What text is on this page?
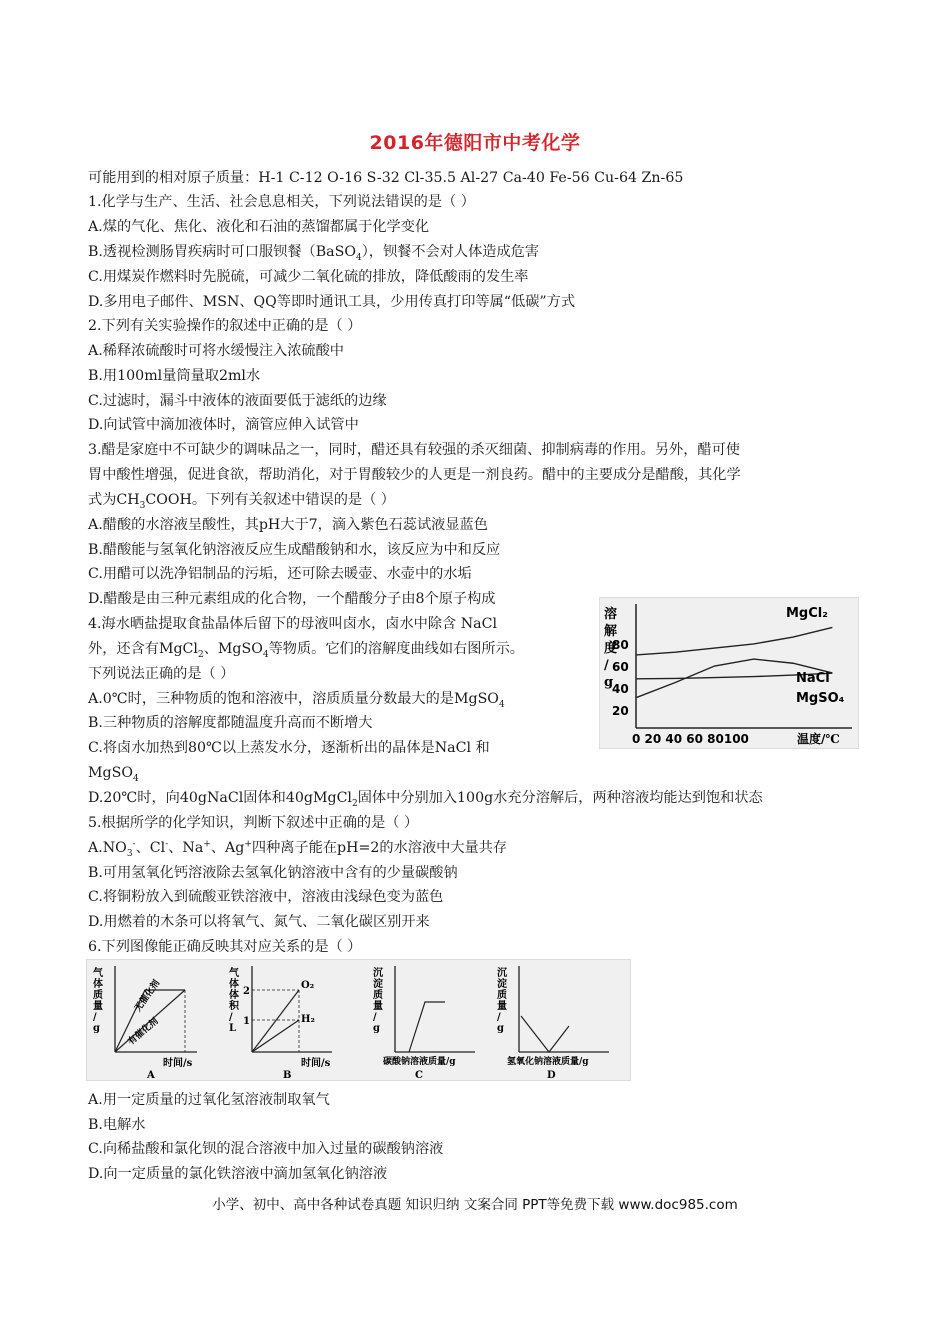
2016年德阳市中考化学
可能用到的相对原子质量：H-1 C-12 O-16 S-32 Cl-35.5 Al-27 Ca-40 Fe-56 Cu-64 Zn-65
1.化学与生产、生活、社会息息相关，下列说法错误的是（ ）
A.煤的气化、焦化、液化和石油的蒸馏都属于化学变化
B.透视检测肠胃疾病时可口服钡餐（BaSO$_4$），钡餐不会对人体造成危害
C.用煤炭作燃料时先脱硫，可减少二氧化硫的排放，降低酸雨的发生率
D.多用电子邮件、MSN、QQ等即时通讯工具，少用传真打印等属“低碳”方式
2.下列有关实验操作的叙述中正确的是（ ）
A.稀释浓硫酸时可将水缓慢注入浓硫酸中
B.用100ml量筒量取2ml水
C.过滤时，漏斗中液体的液面要低于滤纸的边缘
D.向试管中滴加液体时，滴管应伸入试管中
3.醋是家庭中不可缺少的调味品之一，同时，醋还具有较强的杀灭细菌、抑制病毒的作用。另外，醋可使
胃中酸性增强，促进食欲，帮助消化，对于胃酸较少的人更是一剂良药。醋中的主要成分是醋酸，其化学
式为$CH_3COOH$。下列有关叙述中错误的是（ ）
A.醋酸的水溶液呈酸性，其pH大于7，滴入紫色石蕊试液显蓝色
B.醋酸能与氢氧化钠溶液反应生成醋酸钠和水，该反应为中和反应
C.用醋可以洗净铝制品的污垢，还可除去暖壶、水壶中的水垢
D.醋酸是由三种元素组成的化合物，一个醋酸分子由8个原子构成
溶解度/ g
80
60
40
20
0 20 40 60 80100	温度/℃
MgCl₂
NaCl
MgSO₄
4.海水晒盐提取食盐晶体后留下的母液叫卤水，卤水中除含 NaCl
外，还含有MgCl$_2$、MgSO$_4$等物质。它们的溶解度曲线如右图所示。
下列说法正确的是（ ）
A.0℃时，三种物质的饱和溶液中，溶质质量分数最大的是MgSO$_4$
B.三种物质的溶解度都随温度升高而不断增大
C.将卤水加热到80℃以上蒸发水分，逐渐析出的晶体是NaCl 和
MgSO$_4$
D.20℃时，向40gNaCl固体和40gMgCl$_2$固体中分别加入100g水充分溶解后，两种溶液均能达到饱和状态
5.根据所学的化学知识，判断下叙述中正确的是（ ）
$A.NO_3^-$、Cl-、Na+、Ag+四种离子能在pH=2的水溶液中大量共存
B.可用氢氧化钙溶液除去氢氧化钠溶液中含有的少量碳酸钠
C.将铜粉放入到硫酸亚铁溶液中，溶液由浅绿色变为蓝色
D.用燃着的木条可以将氧气、氮气、二氧化碳区别开来
6.下列图像能正确反映其对应关系的是（ ）
气体质量/ g
无催化剂
有催化剂
时间/s
A
气体体积/ L
2
1
O₂
H₂
时间/s
B
沉淀质量/ g
碳酸钠溶液质量/g
C
沉淀质量/ g
氢氧化钠溶液质量/g
D
A.用一定质量的过氧化氢溶液制取氧气
B.电解水
C.向稀盐酸和氯化钡的混合溶液中加入过量的碳酸钠溶液
D.向一定质量的氯化铁溶液中滴加氢氧化钠溶液
小学、初中、高中各种试卷真题 知识归纳 文案合同 PPT等免费下载 www.doc985.com
